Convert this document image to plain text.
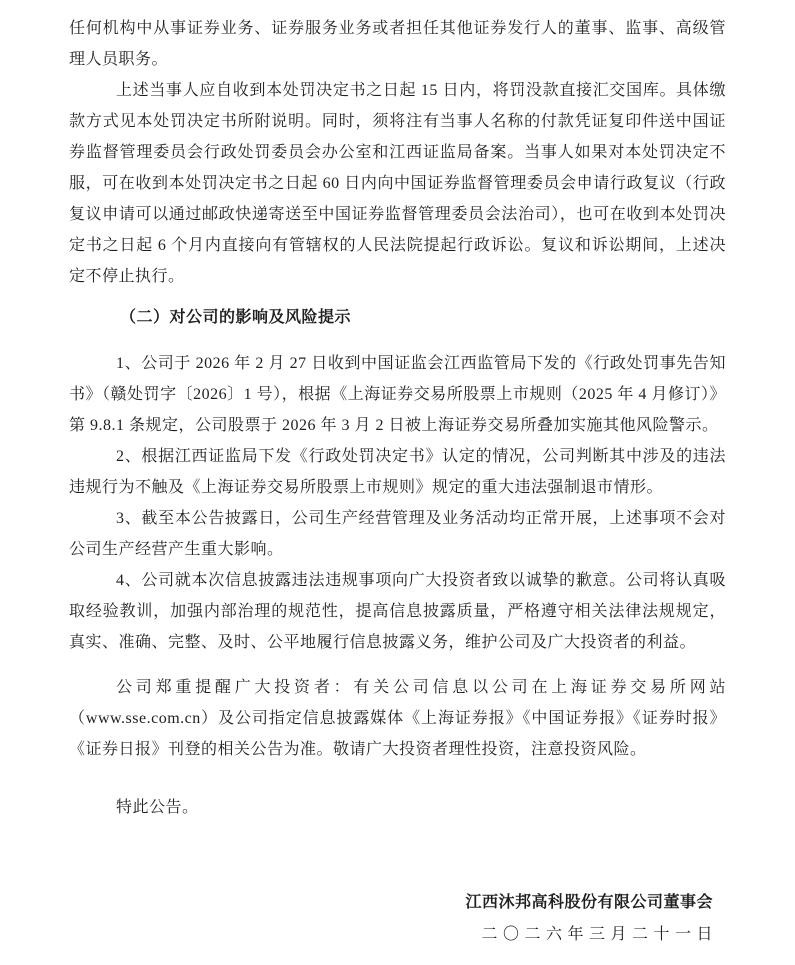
任何机构中从事证券业务、证券服务业务或者担任其他证券发行人的董事、监事、高级管理人员职务。

上述当事人应自收到本处罚决定书之日起 15 日内，将罚没款直接汇交国库。具体缴款方式见本处罚决定书所附说明。同时，须将注有当事人名称的付款凭证复印件送中国证券监督管理委员会行政处罚委员会办公室和江西证监局备案。当事人如果对本处罚决定不服，可在收到本处罚决定书之日起 60 日内向中国证券监督管理委员会申请行政复议（行政复议申请可以通过邮政快递寄送至中国证券监督管理委员会法治司），也可在收到本处罚决定书之日起 6 个月内直接向有管辖权的人民法院提起行政诉讼。复议和诉讼期间，上述决定不停止执行。

（二）对公司的影响及风险提示

1、公司于 2026 年 2 月 27 日收到中国证监会江西监管局下发的《行政处罚事先告知书》（赣处罚字〔2026〕1 号），根据《上海证券交易所股票上市规则（2025 年 4 月修订）》第 9.8.1 条规定，公司股票于 2026 年 3 月 2 日被上海证券交易所叠加实施其他风险警示。

2、根据江西证监局下发《行政处罚决定书》认定的情况，公司判断其中涉及的违法违规行为不触及《上海证券交易所股票上市规则》规定的重大违法强制退市情形。

3、截至本公告披露日，公司生产经营管理及业务活动均正常开展，上述事项不会对公司生产经营产生重大影响。

4、公司就本次信息披露违法违规事项向广大投资者致以诚挚的歉意。公司将认真吸取经验教训，加强内部治理的规范性，提高信息披露质量，严格遵守相关法律法规规定，真实、准确、完整、及时、公平地履行信息披露义务，维护公司及广大投资者的利益。

公司郑重提醒广大投资者：有关公司信息以公司在上海证券交易所网站（www.sse.com.cn）及公司指定信息披露媒体《上海证券报》《中国证券报》《证券时报》《证券日报》刊登的相关公告为准。敬请广大投资者理性投资，注意投资风险。

特此公告。

江西沐邦高科股份有限公司董事会

二〇二六年三月二十一日
